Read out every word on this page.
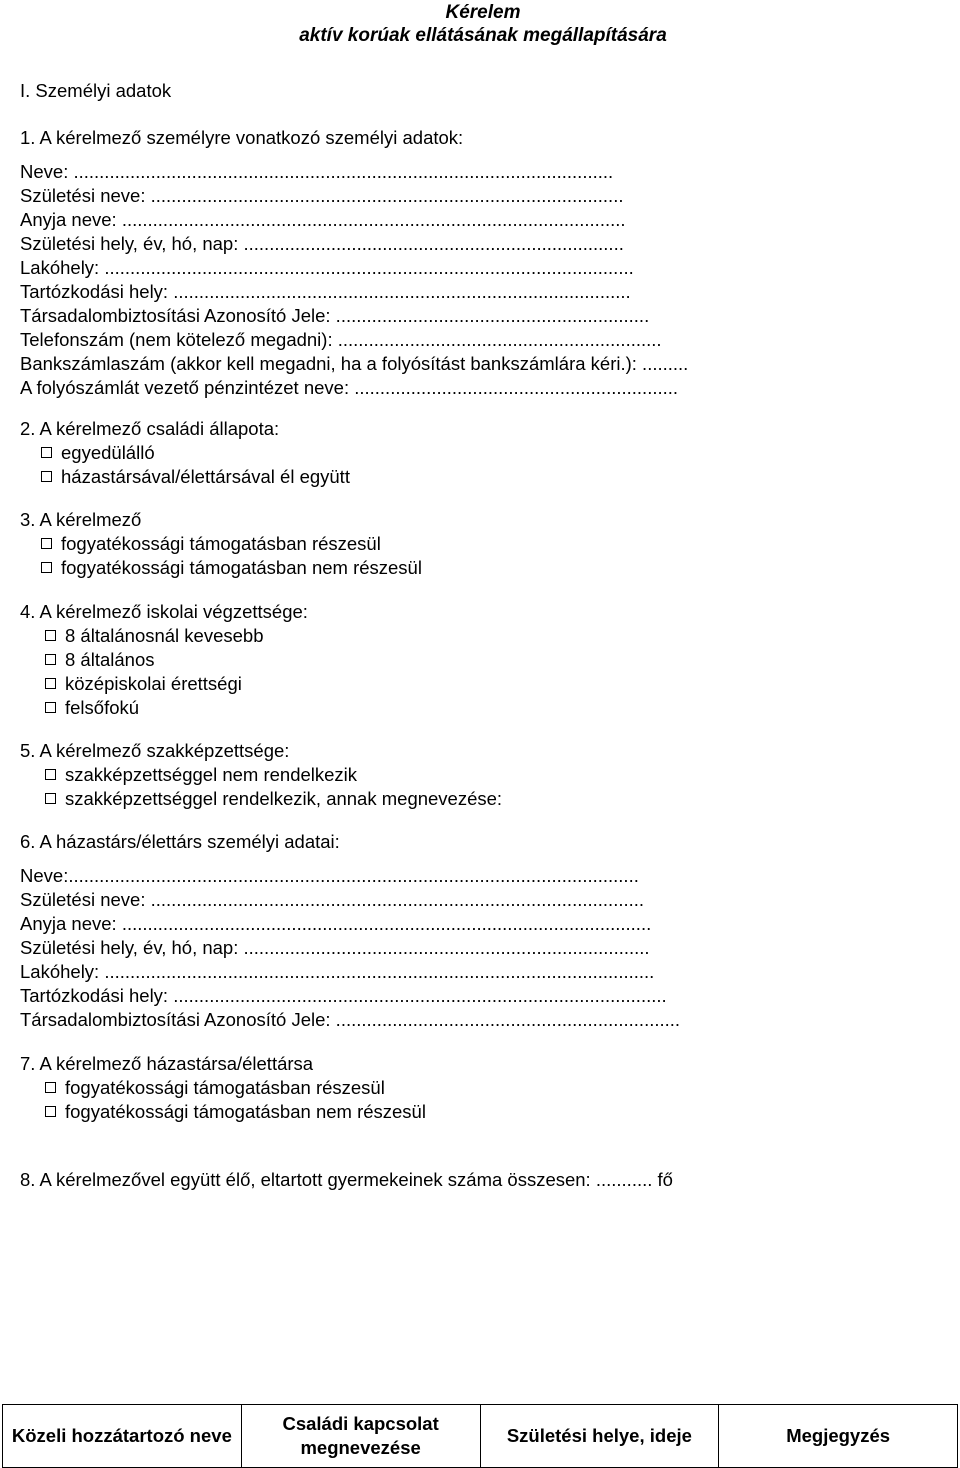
Kérelem
aktív korúak ellátásának megállapítására
I. Személyi adatok
1. A kérelmező személyre vonatkozó személyi adatok:
Neve: .........................................................................................................
Születési neve: ............................................................................................
Anyja neve: ..................................................................................................
Születési hely, év, hó, nap: ..........................................................................
Lakóhely: .......................................................................................................
Tartózkodási hely: .........................................................................................
Társadalombiztosítási Azonosító Jele: .............................................................
Telefonszám (nem kötelező megadni): ...............................................................
Bankszámlaszám (akkor kell megadni, ha a folyósítást bankszámlára kéri.): .........
A folyószámlát vezető pénzintézet neve: ...............................................................
2. A kérelmező családi állapota:
egyedülálló
házastársával/élettársával él együtt
3. A kérelmező
fogyatékossági támogatásban részesül
fogyatékossági támogatásban nem részesül
4. A kérelmező iskolai végzettsége:
8 általánosnál kevesebb
8 általános
középiskolai érettségi
felsőfokú
5. A kérelmező szakképzettsége:
szakképzettséggel nem rendelkezik
szakképzettséggel rendelkezik, annak megnevezése:
6. A házastárs/élettárs személyi adatai:
Neve:...............................................................................................................
Születési neve: ................................................................................................
Anyja neve: .......................................................................................................
Születési hely, év, hó, nap: ...............................................................................
Lakóhely: ...........................................................................................................
Tartózkodási hely: ................................................................................................
Társadalombiztosítási Azonosító Jele: ...................................................................
7. A kérelmező házastársa/élettársa
fogyatékossági támogatásban részesül
fogyatékossági támogatásban nem részesül
8. A kérelmezővel együtt élő, eltartott gyermekeinek száma összesen: ........... fő
Közeli hozzátartozó neve	Családi kapcsolat megnevezése	Születési helye, ideje	Megjegyzés
